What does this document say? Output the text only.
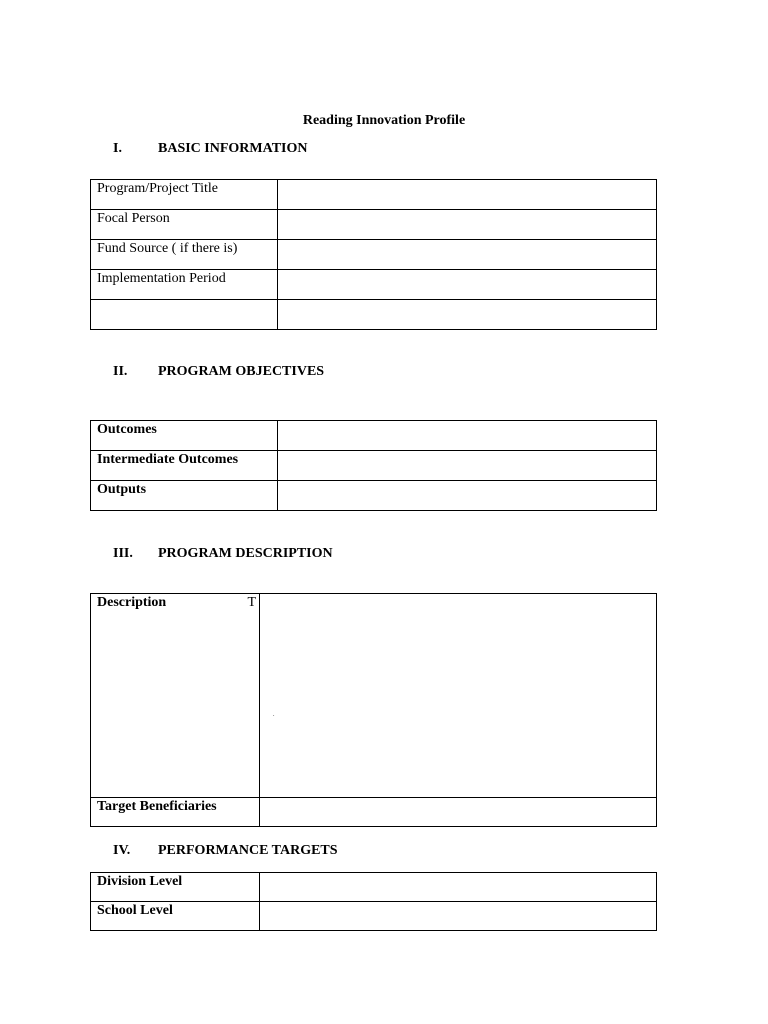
Reading Innovation Profile
I.	BASIC INFORMATION
Program/Project Title	
Focal Person	
Fund Source ( if there is)	
Implementation Period	

II. PROGRAM OBJECTIVES
Outcomes	
Intermediate Outcomes	
Outputs	
III. PROGRAM DESCRIPTION
Description T	.

Target Beneficiaries	
IV. PERFORMANCE TARGETS
Division Level	
School Level	
